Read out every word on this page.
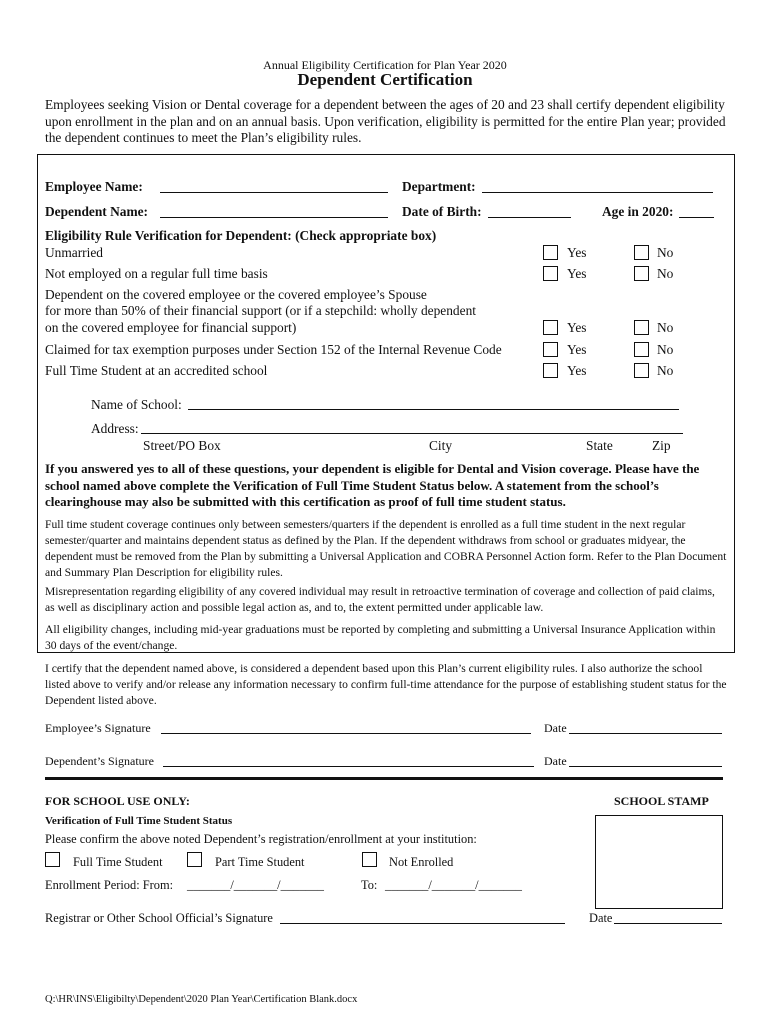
Annual Eligibility Certification for Plan Year 2020
Dependent Certification
Employees seeking Vision or Dental coverage for a dependent between the ages of 20 and 23 shall certify dependent eligibility upon enrollment in the plan and on an annual basis. Upon verification, eligibility is permitted for the entire Plan year; provided the dependent continues to meet the Plan’s eligibility rules.
Employee Name:	Department:
Dependent Name:	Date of Birth:	Age in 2020:
Eligibility Rule Verification for Dependent: (Check appropriate box)
Unmarried	Yes	No
Not employed on a regular full time basis	Yes	No
Dependent on the covered employee or the covered employee’s Spouse
for more than 50% of their financial support (or if a stepchild: wholly dependent
on the covered employee for financial support)	Yes	No
Claimed for tax exemption purposes under Section 152 of the Internal Revenue Code	Yes	No
Full Time Student at an accredited school	Yes	No
Name of School:
Address:
Street/PO Box	City	State	Zip
If you answered yes to all of these questions, your dependent is eligible for Dental and Vision coverage. Please have the school named above complete the Verification of Full Time Student Status below. A statement from the school’s clearinghouse may also be submitted with this certification as proof of full time student status.
Full time student coverage continues only between semesters/quarters if the dependent is enrolled as a full time student in the next regular semester/quarter and maintains dependent status as defined by the Plan. If the dependent withdraws from school or graduates midyear, the dependent must be removed from the Plan by submitting a Universal Application and COBRA Personnel Action form. Refer to the Plan Document and Summary Plan Description for eligibility rules.
Misrepresentation regarding eligibility of any covered individual may result in retroactive termination of coverage and collection of paid claims, as well as disciplinary action and possible legal action as, and to, the extent permitted under applicable law.
All eligibility changes, including mid-year graduations must be reported by completing and submitting a Universal Insurance Application within 30 days of the event/change.
I certify that the dependent named above, is considered a dependent based upon this Plan’s current eligibility rules. I also authorize the school listed above to verify and/or release any information necessary to confirm full-time attendance for the purpose of establishing student status for the Dependent listed above.
Employee’s Signature	Date
Dependent’s Signature	Date
FOR SCHOOL USE ONLY:	SCHOOL STAMP
Verification of Full Time Student Status
Please confirm the above noted Dependent’s registration/enrollment at your institution:
Full Time Student	Part Time Student	Not Enrolled
Enrollment Period: From: _______/_______/_______	To: _______/_______/_______
Registrar or Other School Official’s Signature	Date
Q:\HR\INS\Eligibilty\Dependent\2020 Plan Year\Certification Blank.docx
